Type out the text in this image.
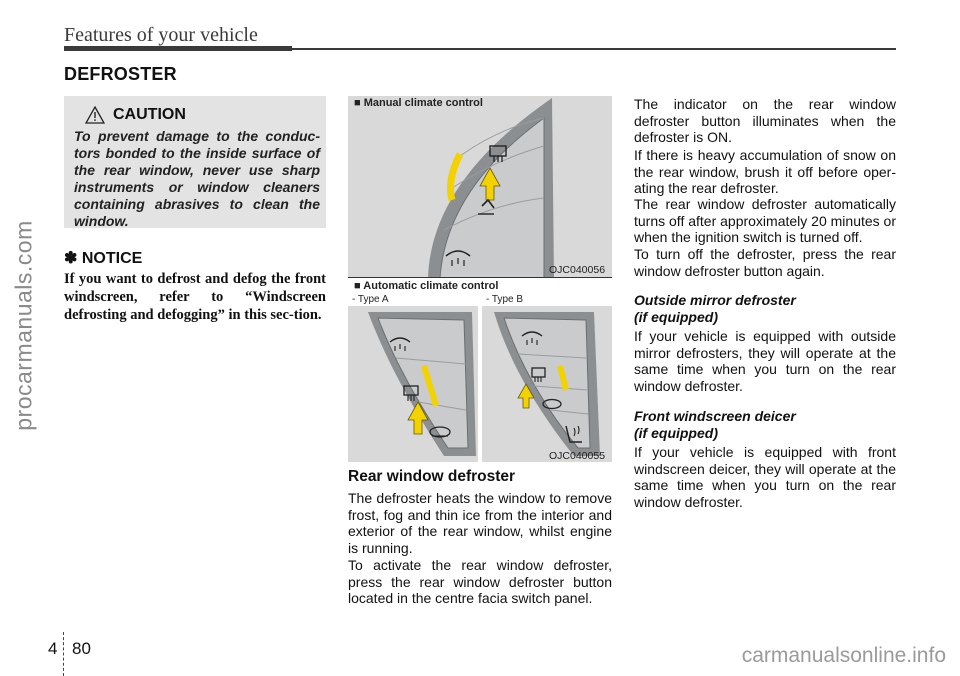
Features of your vehicle
procarmanuals.com
carmanualsonline.info
DEFROSTER
CAUTION
To prevent damage to the conduc-tors bonded to the inside surface of the rear window, never use sharp instruments or window cleaners containing abrasives to clean the window.
✽ NOTICE
If you want to defrost and defog the front windscreen, refer to “Windscreen defrosting and defogging” in this sec-tion.
■ Manual climate control
OJC040056
■ Automatic climate control
- Type A	- Type B
OJC040055
Rear window defroster
The defroster heats the window to remove frost, fog and thin ice from the interior and exterior of the rear window, whilst engine is running.
To activate the rear window defroster, press the rear window defroster button located in the centre facia switch panel.
The indicator on the rear window defroster button illuminates when the defroster is ON.
If there is heavy accumulation of snow on the rear window, brush it off before oper-ating the rear defroster.
The rear window defroster automatically turns off after approximately 20 minutes or when the ignition switch is turned off.
To turn off the defroster, press the rear window defroster button again.
Outside mirror defroster
(if equipped)
If your vehicle is equipped with outside mirror defrosters, they will operate at the same time when you turn on the rear window defroster.
Front windscreen deicer
(if equipped)
If your vehicle is equipped with front windscreen deicer, they will operate at the same time when you turn on the rear window defroster.
4 80
